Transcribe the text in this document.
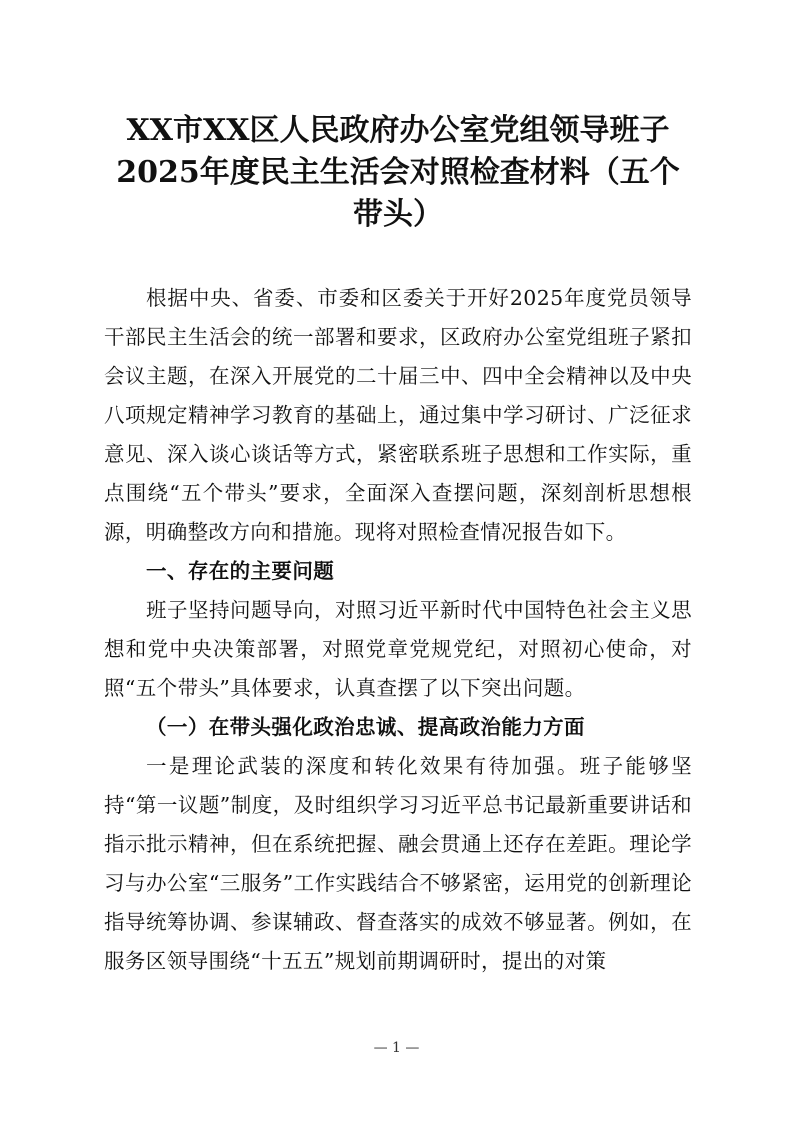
XX市XX区人民政府办公室党组领导班子2025年度民主生活会对照检查材料（五个带头）

根据中央、省委、市委和区委关于开好2025年度党员领导干部民主生活会的统一部署和要求，区政府办公室党组班子紧扣会议主题，在深入开展党的二十届三中、四中全会精神以及中央八项规定精神学习教育的基础上，通过集中学习研讨、广泛征求意见、深入谈心谈话等方式，紧密联系班子思想和工作实际，重点围绕“五个带头”要求，全面深入查摆问题，深刻剖析思想根源，明确整改方向和措施。现将对照检查情况报告如下。

一、存在的主要问题

班子坚持问题导向，对照习近平新时代中国特色社会主义思想和党中央决策部署，对照党章党规党纪，对照初心使命，对照“五个带头”具体要求，认真查摆了以下突出问题。

（一）在带头强化政治忠诚、提高政治能力方面

一是理论武装的深度和转化效果有待加强。班子能够坚持“第一议题”制度，及时组织学习习近平总书记最新重要讲话和指示批示精神，但在系统把握、融会贯通上还存在差距。理论学习与办公室“三服务”工作实践结合不够紧密，运用党的创新理论指导统筹协调、参谋辅政、督查落实的成效不够显著。例如，在服务区领导围绕“十五五”规划前期调研时，提出的对策

— 1 —
